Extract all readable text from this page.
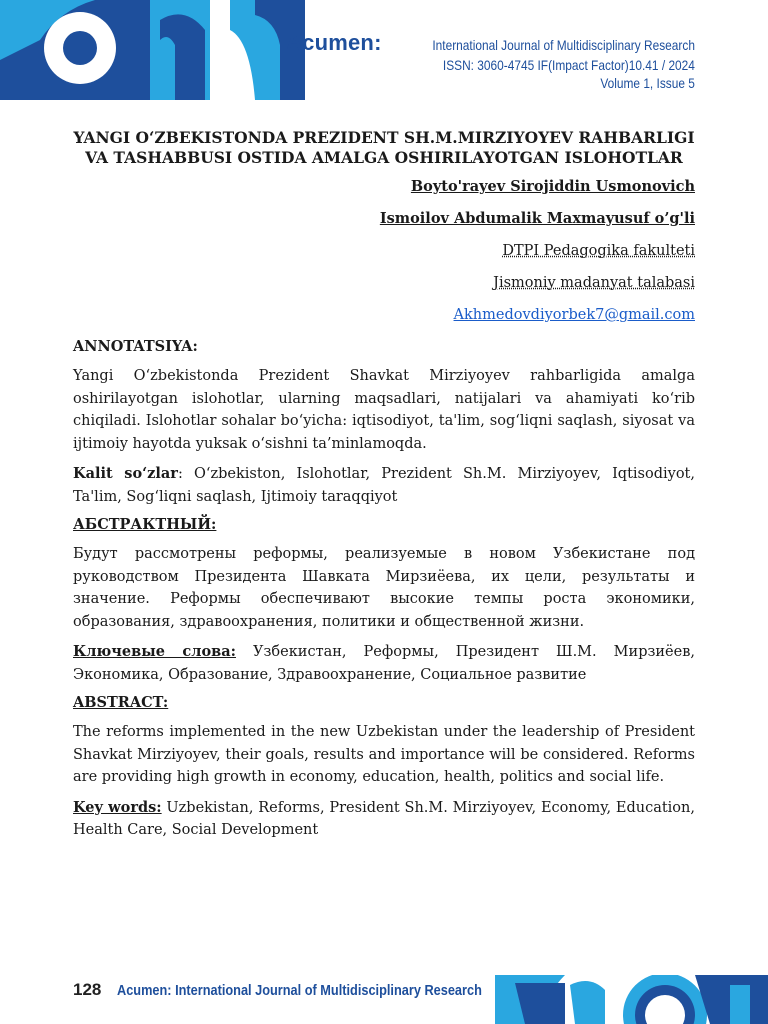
Acumen:	International Journal of Multidisciplinary Research
ISSN: 3060-4745 IF(Impact Factor)10.41 / 2024
Volume 1, Issue 5
YANGI O‘ZBEKISTONDA PREZIDENT SH.M.MIRZIYOYEV RAHBARLIGI VA TASHABBUSI OSTIDA AMALGA OSHIRILAYOTGAN ISLOHOTLAR
Boyto'rayev Sirojiddin Usmonovich
Ismoilov Abdumalik Maxmayusuf o’g'li
DTPI Pedagogika fakulteti
Jismoniy madanyat talabasi
Akhmedovdiyorbek7@gmail.com
ANNOTATSIYA:
Yangi O‘zbekistonda Prezident Shavkat Mirziyoyev rahbarligida amalga oshirilayotgan islohotlar, ularning maqsadlari, natijalari va ahamiyati ko‘rib chiqiladi. Islohotlar sohalar bo‘yicha: iqtisodiyot, ta'lim, sog‘liqni saqlash, siyosat va ijtimoiy hayotda yuksak o‘sishni ta’minlamoqda.
Kalit so‘zlar: O‘zbekiston, Islohotlar, Prezident Sh.M. Mirziyoyev, Iqtisodiyot, Ta'lim, Sog‘liqni saqlash, Ijtimoiy taraqqiyot
АБСТРАКТНЫЙ:
Будут рассмотрены реформы, реализуемые в новом Узбекистане под руководством Президента Шавката Мирзиёева, их цели, результаты и значение. Реформы обеспечивают высокие темпы роста экономики, образования, здравоохранения, политики и общественной жизни.
Ключевые слова: Узбекистан, Реформы, Президент Ш.М. Мирзиёев, Экономика, Образование, Здравоохранение, Социальное развитие
ABSTRACT:
The reforms implemented in the new Uzbekistan under the leadership of President Shavkat Mirziyoyev, their goals, results and importance will be considered. Reforms are providing high growth in economy, education, health, politics and social life.
Key words: Uzbekistan, Reforms, President Sh.M. Mirziyoyev, Economy, Education, Health Care, Social Development
128 Acumen: International Journal of Multidisciplinary Research
